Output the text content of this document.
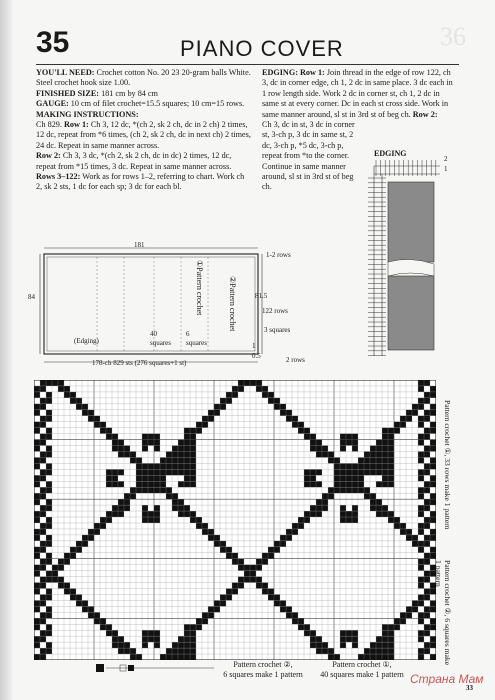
36
35	PIANO COVER

YOU'LL NEED: Crochet cotton No. 20 23 20-gram balls White. Steel crochet hook size 1.00.

FINISHED SIZE: 181 cm by 84 cm

GAUGE: 10 cm of filet crochet=15.5 squares; 10 cm=15 rows.

MAKING INSTRUCTIONS:

Ch 829. Row 1: Ch 3, 12 dc, *(ch 2, sk 2 ch, dc in 2 ch) 2 times, 12 dc, repeat from *6 times, (ch 2, sk 2 ch, dc in next ch) 2 times, 24 dc. Repeat in same manner across.

Row 2: Ch 3, 3 dc, *(ch 2, sk 2 ch, dc in dc) 2 times, 12 dc, repeat from *15 times, 3 dc. Repeat in same manner across.

Rows 3–122: Work as for rows 1–2, referring to chart. Work ch 2, sk 2 sts, 1 dc for each sp; 3 dc for each bl.

EDGING: Row 1: Join thread in the edge of row 122, ch 3, dc in corner edge, ch 1, 2 dc in same place. 3 dc each in 1 row length side. Work 2 dc in corner st, ch 1, 2 dc in same st at every corner. Dc in each st cross side. Work in same manner around, sl st in 3rd st of beg ch. Row 2:

Ch 3, dc in st, 3 dc in corner st, 3-ch p, 3 dc in same st, 2 dc, 3-ch p, *5 dc, 3-ch p, repeat from *to the corner. Continue in same manner around, sl st in 3rd st of beg ch.

181
84
1-2 rows
①Pattern crochet	②Pattern crochet
40 squares
6 squares
81.5
122 rows
3 squares
1
(Edging)
0.5	2 rows
178-ch 829 sts (276 squares+1 st)
EDGING
2
1
Pattern crochet ①, 33 rows make 1 pattern
Pattern crochet ②, 6 squares make 1 pattern
Pattern crochet ②,
6 squares make 1 pattern
Pattern crochet ①,
40 squares make 1 pattern
33
Страна Мам
